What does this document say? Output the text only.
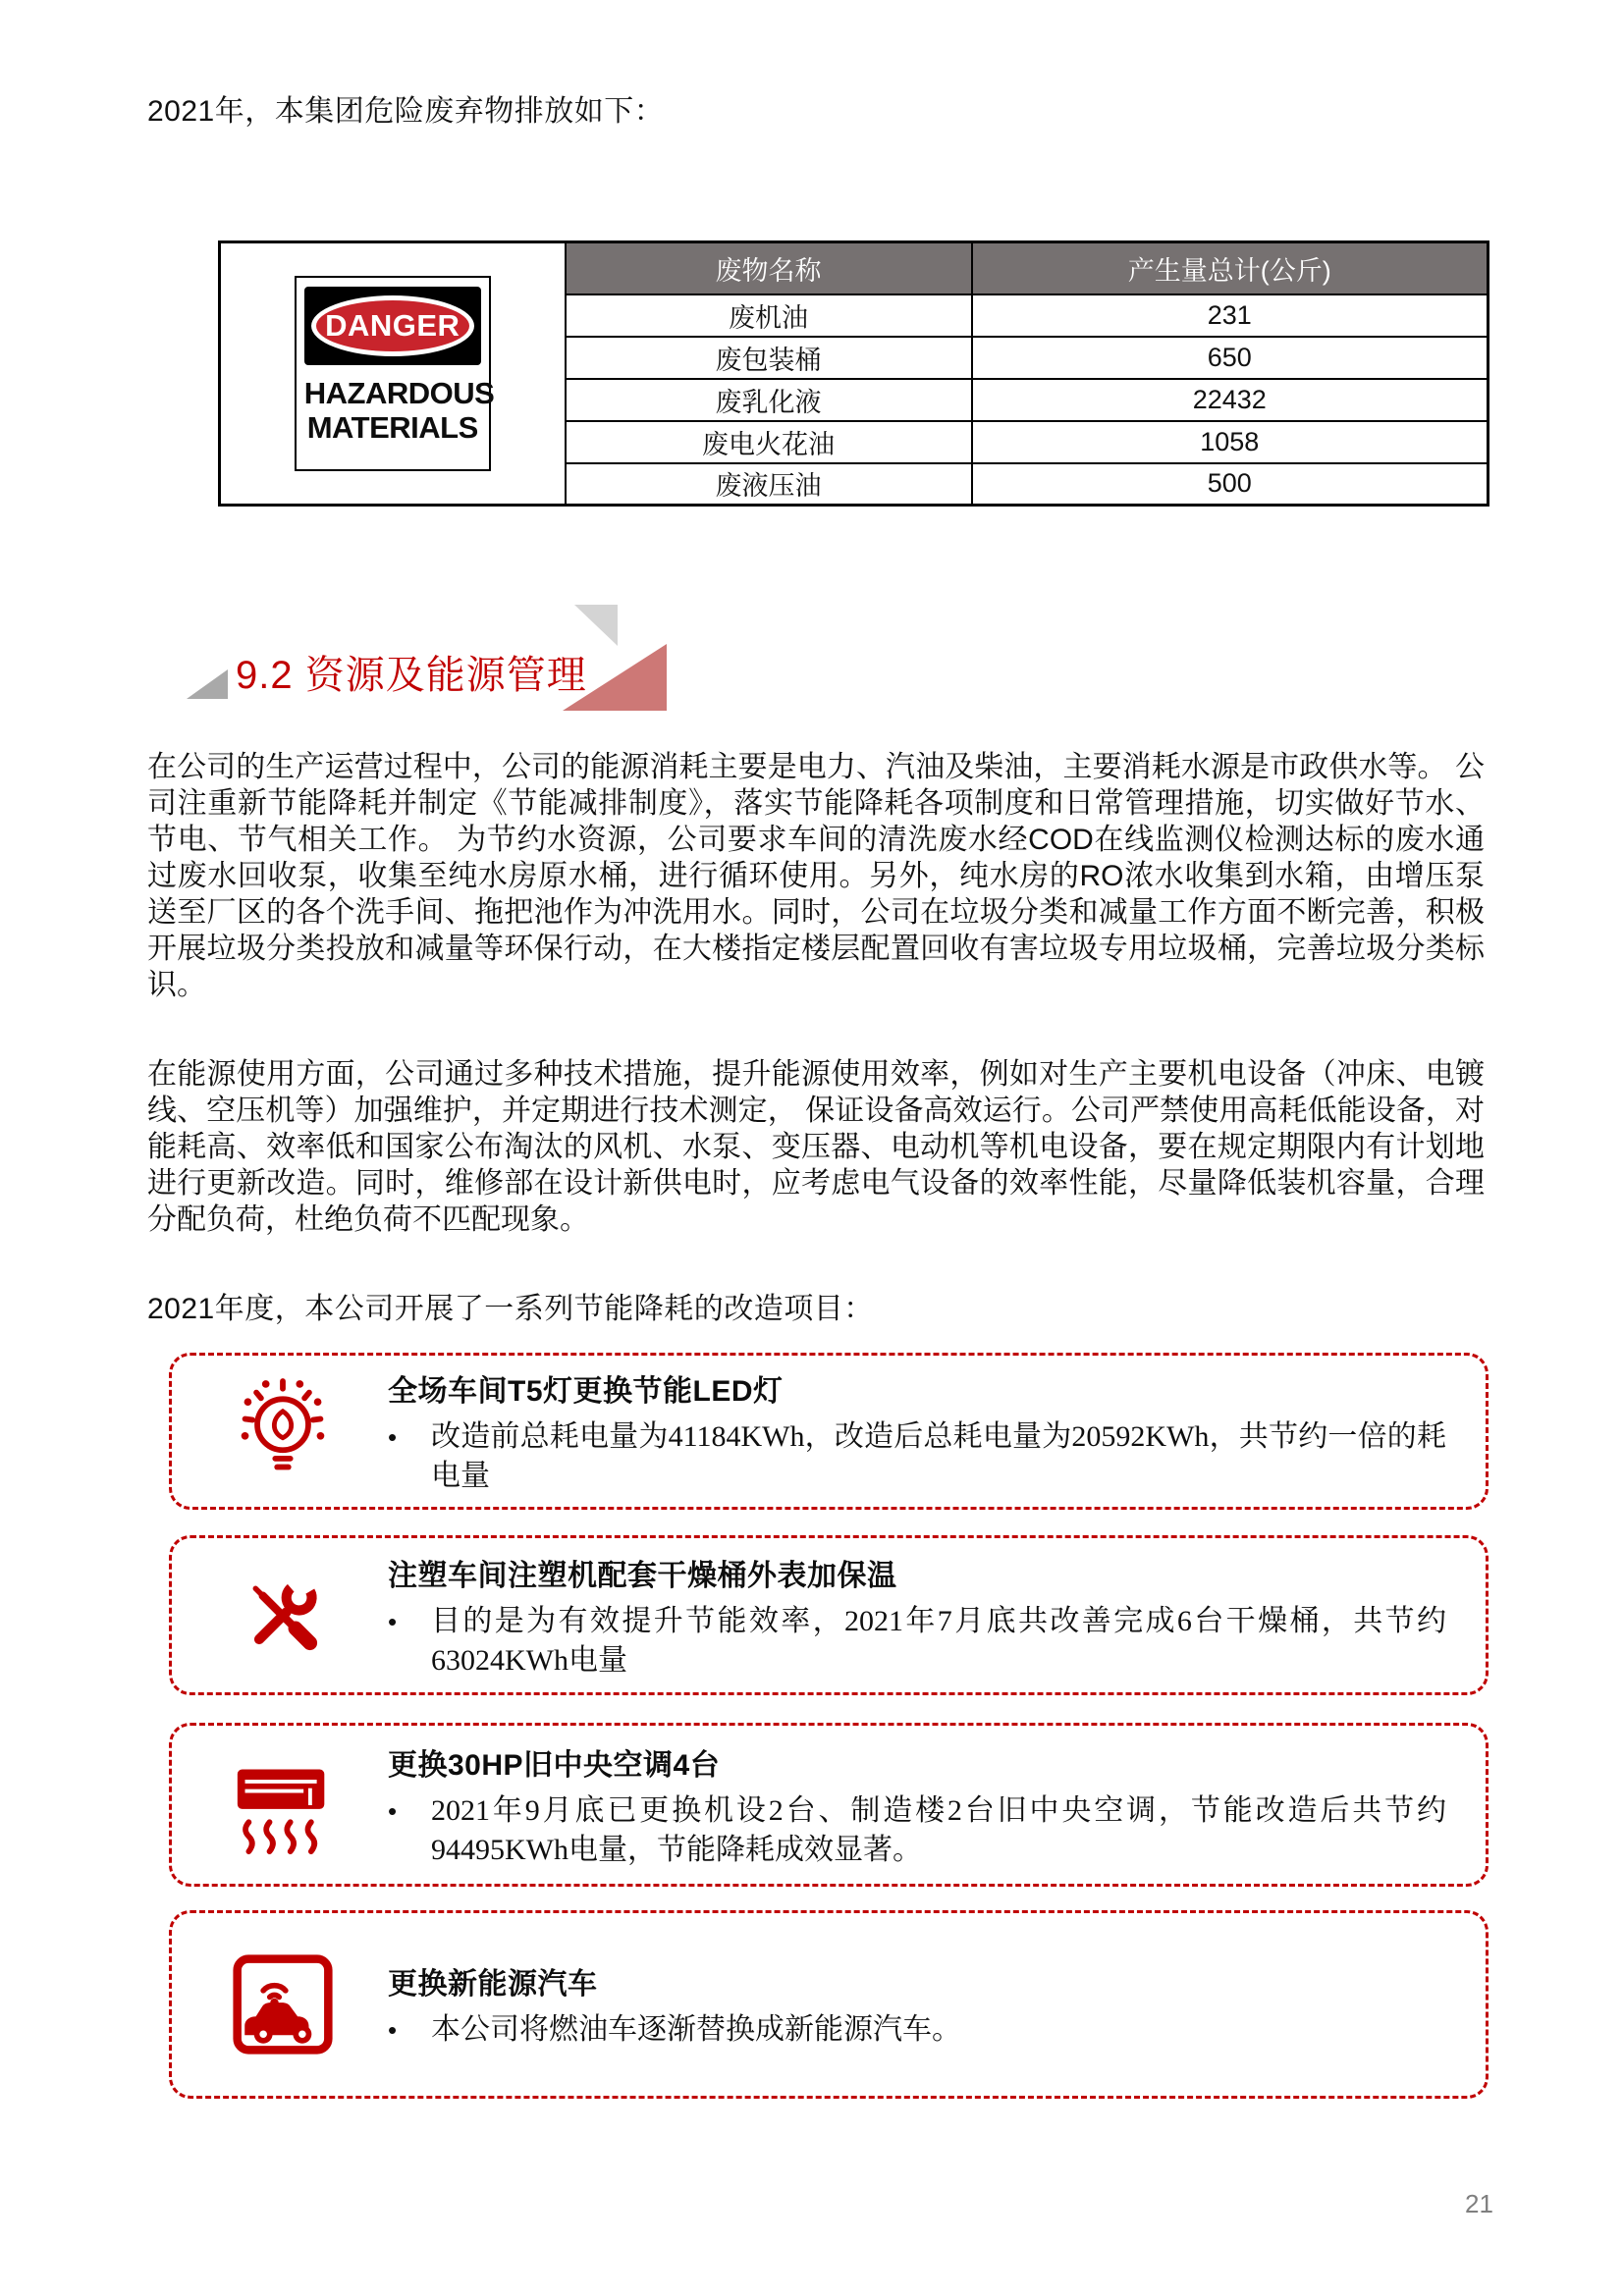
2021年，本集团危险废弃物排放如下：

DANGER
HAZARDOUS
MATERIALS	废物名称	产生量总计(公斤)
	废机油	231
	废包装桶	650
	废乳化液	22432
	废电火花油	1058
	废液压油	500
9.2 资源及能源管理

在公司的生产运营过程中，公司的能源消耗主要是电力、汽油及柴油，主要消耗水源是市政供水等。 公司注重新节能降耗并制定《节能减排制度》，落实节能降耗各项制度和日常管理措施，切实做好节水、节电、节气相关工作。 为节约水资源，公司要求车间的清洗废水经COD在线监测仪检测达标的废水通过废水回收泵，收集至纯水房原水桶，进行循环使用。另外，纯水房的RO浓水收集到水箱，由增压泵送至厂区的各个洗手间、拖把池作为冲洗用水。同时，公司在垃圾分类和减量工作方面不断完善，积极开展垃圾分类投放和减量等环保行动，在大楼指定楼层配置回收有害垃圾专用垃圾桶，完善垃圾分类标识。

在能源使用方面，公司通过多种技术措施，提升能源使用效率，例如对生产主要机电设备（冲床、电镀线、空压机等）加强维护，并定期进行技术测定， 保证设备高效运行。公司严禁使用高耗低能设备，对能耗高、效率低和国家公布淘汰的风机、水泵、变压器、电动机等机电设备，要在规定期限内有计划地进行更新改造。同时，维修部在设计新供电时，应考虑电气设备的效率性能，尽量降低装机容量，合理分配负荷，杜绝负荷不匹配现象。

2021年度，本公司开展了一系列节能降耗的改造项目：

全场车间T5灯更换节能LED灯
•	改造前总耗电量为41184KWh，改造后总耗电量为20592KWh，共节约一倍的耗电量
注塑车间注塑机配套干燥桶外表加保温
•	目的是为有效提升节能效率，2021年7月底共改善完成6台干燥桶，共节约63024KWh电量
更换30HP旧中央空调4台
•	2021年9月底已更换机设2台、制造楼2台旧中央空调，节能改造后共节约94495KWh电量，节能降耗成效显著。
更换新能源汽车
•	本公司将燃油车逐渐替换成新能源汽车。
21
